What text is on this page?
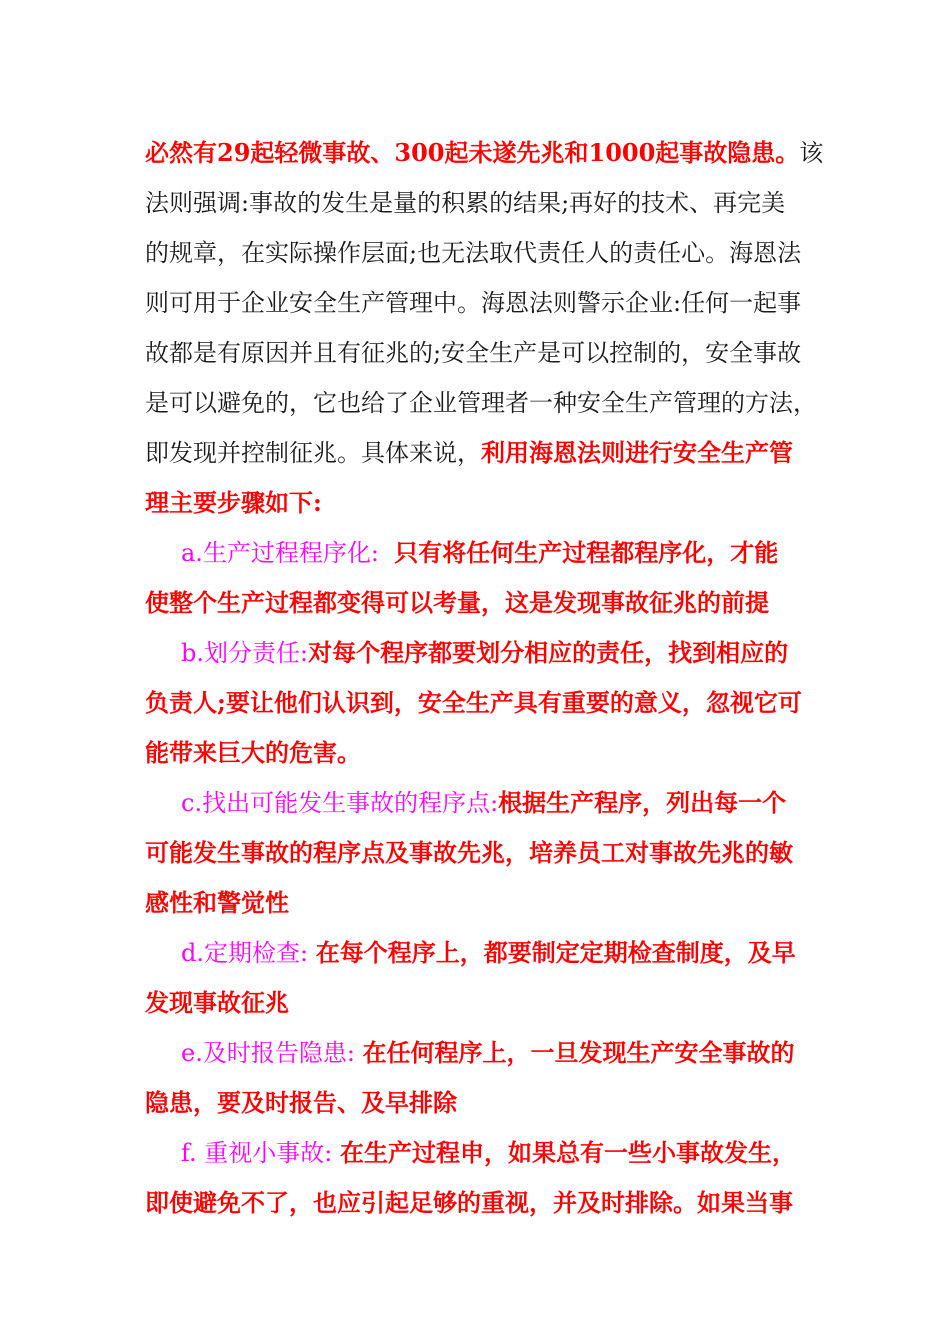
必然有29起轻微事故、300起未遂先兆和1000起事故隐患。该
法则强调:事故的发生是量的积累的结果;再好的技术、再完美
的规章，在实际操作层面;也无法取代责任人的责任心。海恩法
则可用于企业安全生产管理中。海恩法则警示企业:任何一起事
故都是有原因并且有征兆的;安全生产是可以控制的，安全事故
是可以避免的，它也给了企业管理者一种安全生产管理的方法，
即发现并控制征兆。具体来说，利用海恩法则进行安全生产管
理主要步骤如下:
a.生产过程程序化: 只有将任何生产过程都程序化，才能
使整个生产过程都变得可以考量，这是发现事故征兆的前提
b.划分责任:对每个程序都要划分相应的责任，找到相应的
负责人;要让他们认识到，安全生产具有重要的意义，忽视它可
能带来巨大的危害。
c.找出可能发生事故的程序点:根据生产程序，列出每一个
可能发生事故的程序点及事故先兆，培养员工对事故先兆的敏
感性和警觉性
d.定期检查: 在每个程序上，都要制定定期检查制度，及早
发现事故征兆
e.及时报告隐患: 在任何程序上，一旦发现生产安全事故的
隐患，要及时报告、及早排除
f. 重视小事故: 在生产过程申，如果总有一些小事故发生，
即使避免不了，也应引起足够的重视，并及时排除。如果当事
